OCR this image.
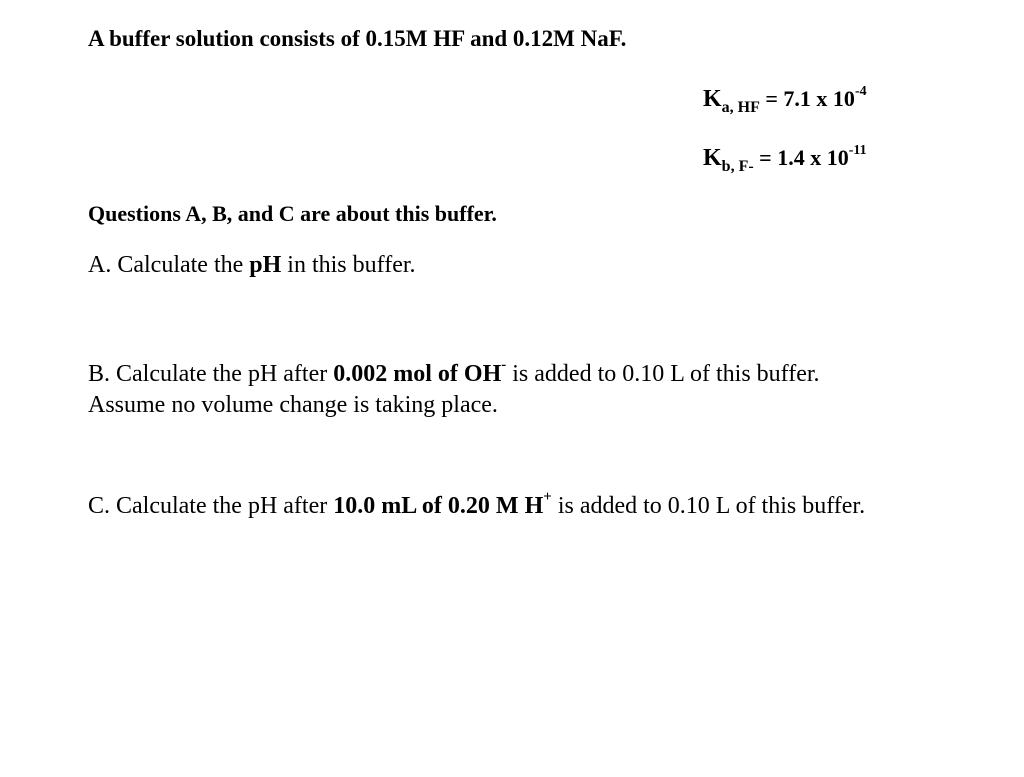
A buffer solution consists of 0.15M HF and 0.12M NaF.
$K_{a, HF} = 7.1$ x $10^{-4}$
$K_{b, F-} = 1.4$ x $10^{-11}$
Questions A, B, and C are about this buffer.
A. Calculate the pH in this buffer.
B. Calculate the pH after 0.002 mol of OH- is added to 0.10 L of this buffer.
Assume no volume change is taking place.
C. Calculate the pH after 10.0 mL of 0.20 M H+ is added to 0.10 L of this buffer.
